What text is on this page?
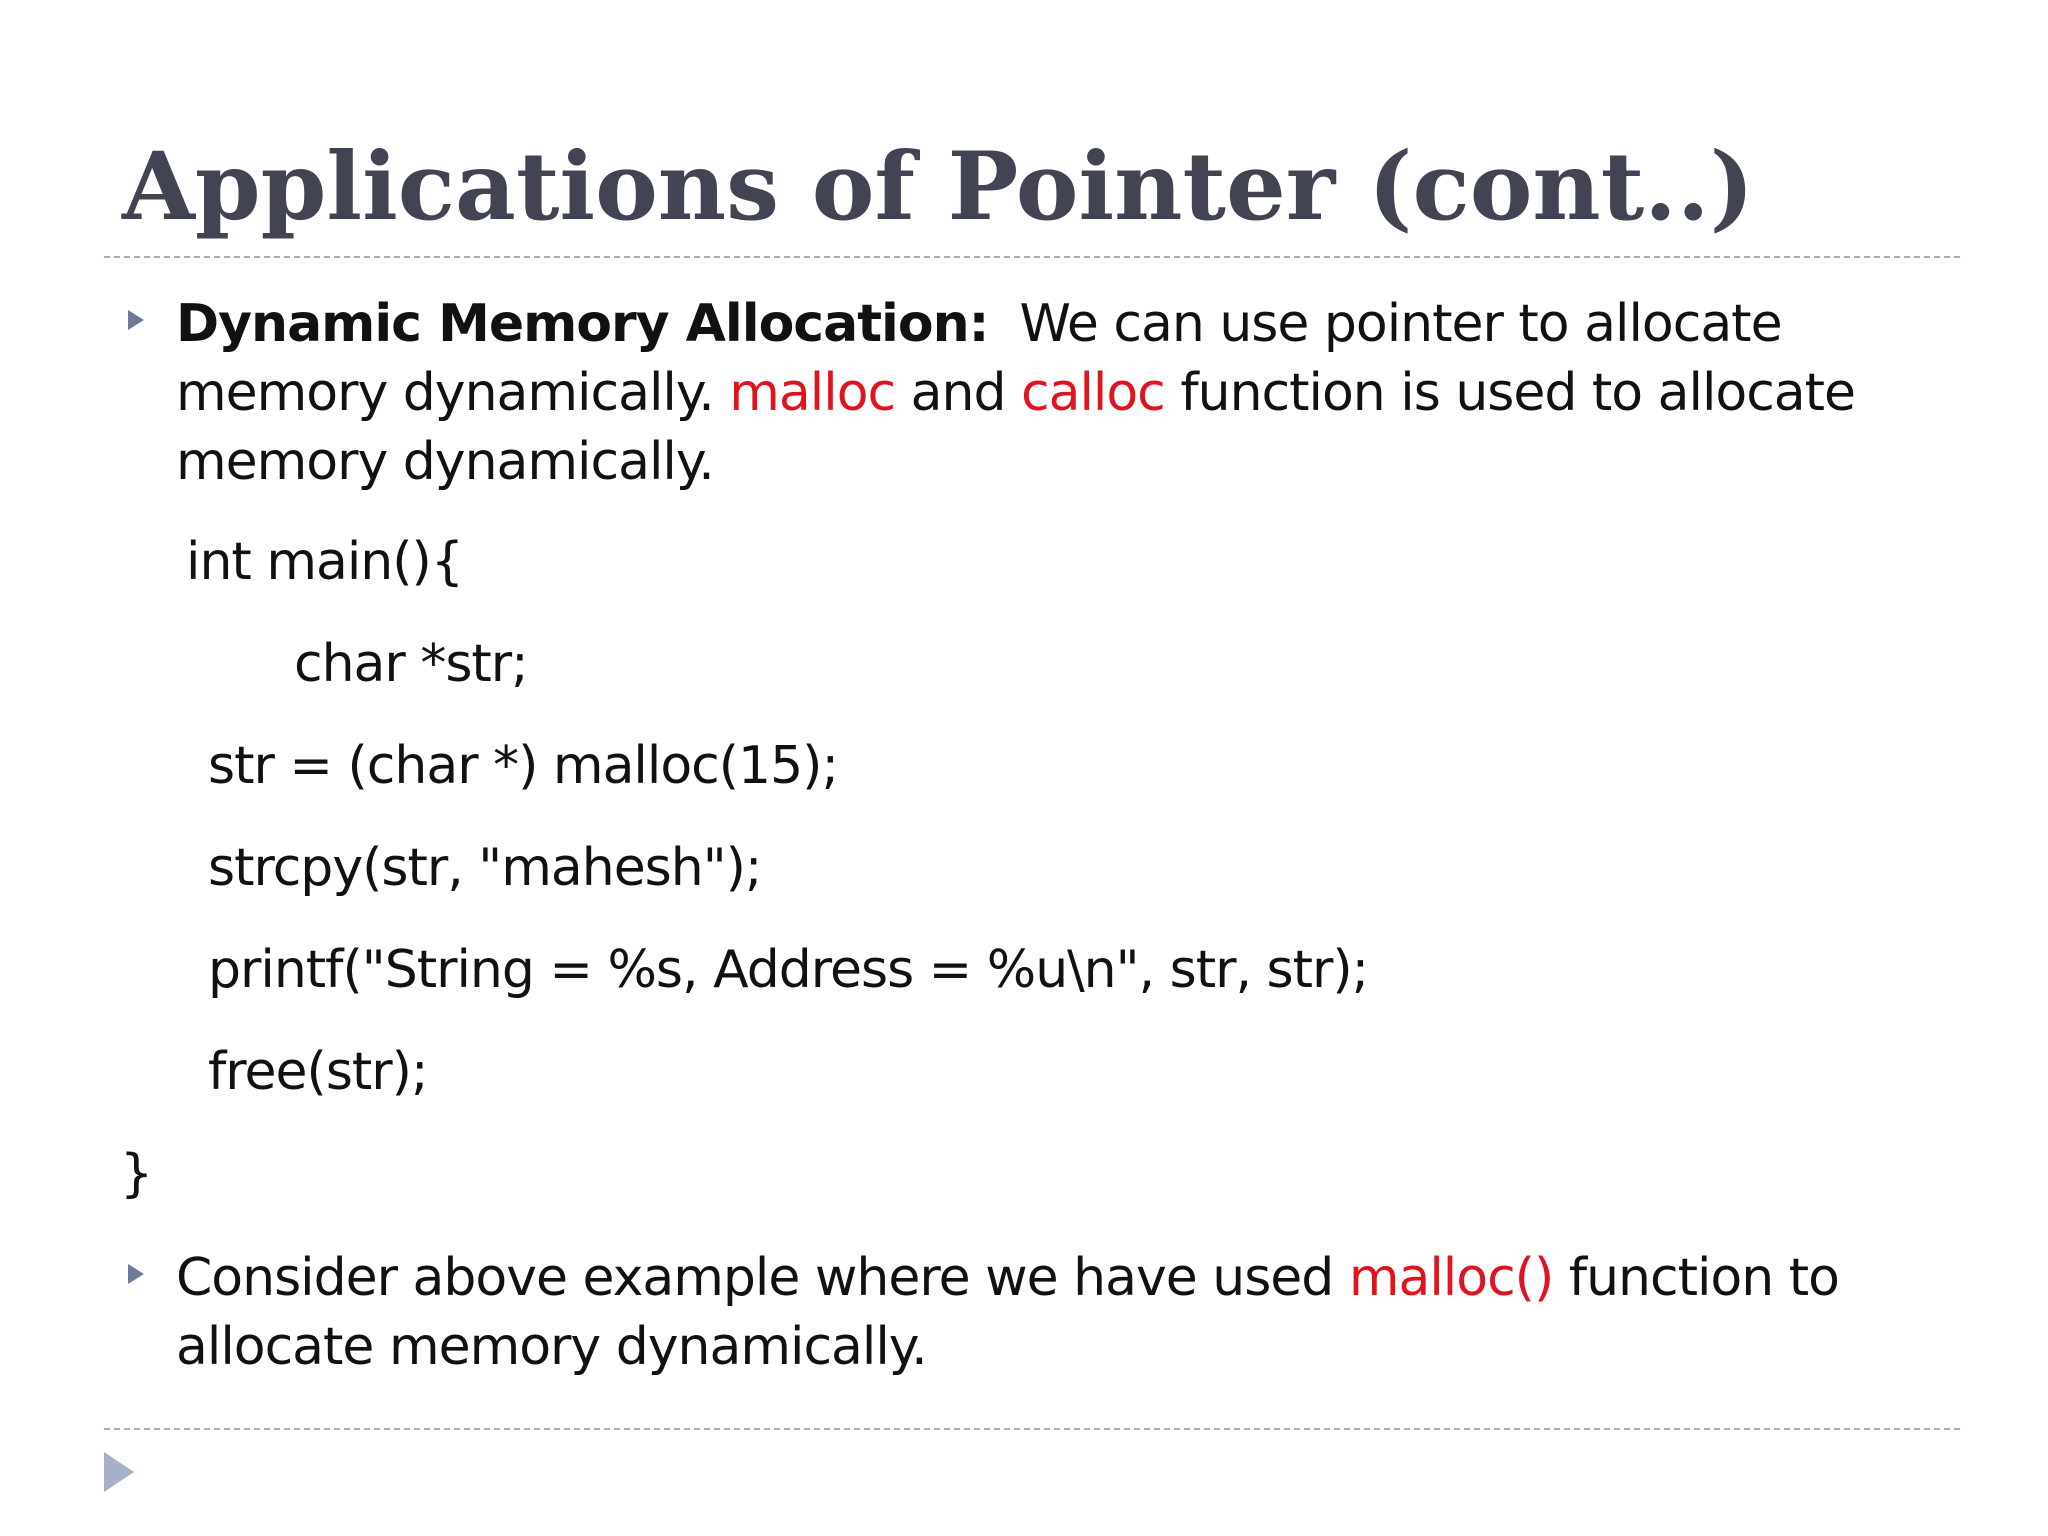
Applications of Pointer (cont..)
Dynamic Memory Allocation: We can use pointer to allocate memory dynamically. malloc and calloc function is used to allocate memory dynamically.
int main(){
char *str;
str = (char *) malloc(15);
strcpy(str, "mahesh");
printf("String = %s, Address = %u\n", str, str);
free(str);
}
Consider above example where we have used malloc() function to allocate memory dynamically.
